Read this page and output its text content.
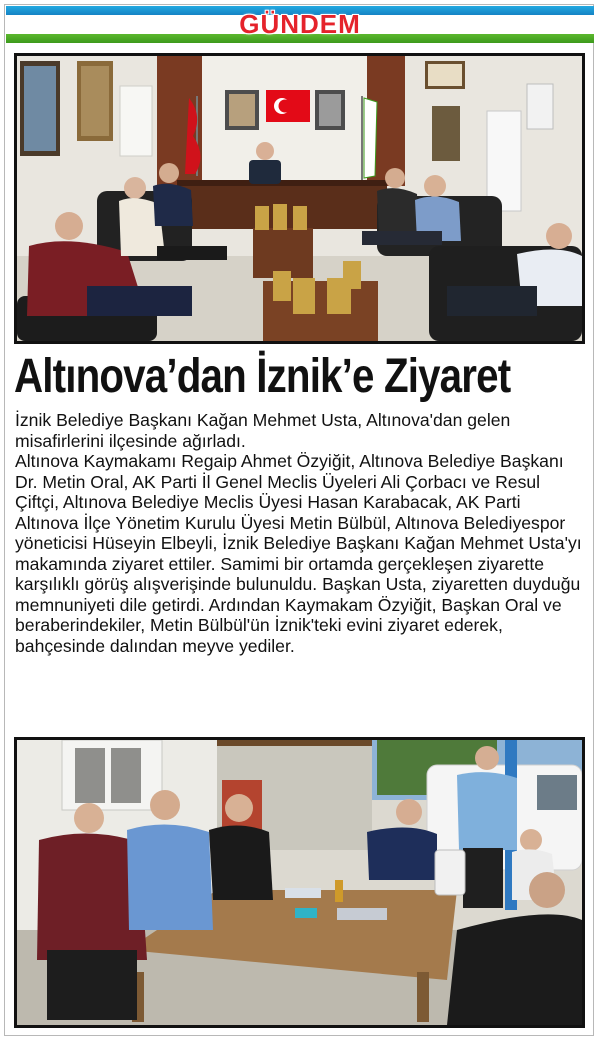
GÜNDEM
Altınova’dan İznik’e Ziyaret

İznik Belediye Başkanı Kağan Mehmet Usta, Altınova'dan gelen misafirlerini ilçesinde ağırladı.

Altınova Kaymakamı Regaip Ahmet Özyiğit, Altınova Belediye Başkanı Dr. Metin Oral, AK Parti İl Genel Meclis Üyeleri Ali Çorbacı ve Resul Çiftçi, Altınova Belediye Meclis Üyesi Hasan Karabacak, AK Parti Altınova İlçe Yönetim Kurulu Üyesi Metin Bülbül, Altınova Belediyespor yöneticisi Hüseyin Elbeyli, İznik Belediye Başkanı Kağan Mehmet Usta'yı makamında ziyaret ettiler. Samimi bir ortamda gerçekleşen ziyarette karşılıklı görüş alışverişinde bulunuldu. Başkan Usta, ziyaretten duyduğu memnuniyeti dile getirdi. Ardından Kaymakam Özyiğit, Başkan Oral ve beraberindekiler, Metin Bülbül'ün İznik'teki evini ziyaret ederek, bahçesinde dalından meyve yediler.
